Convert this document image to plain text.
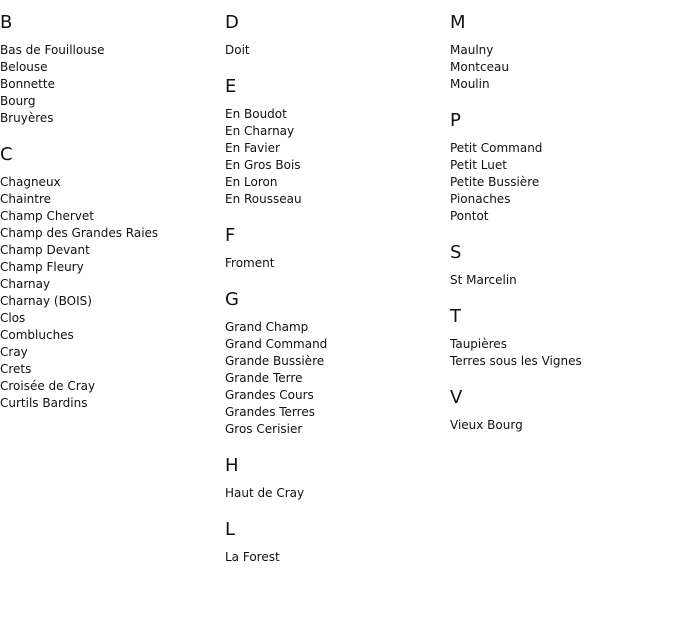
B
Bas de Fouillouse
Belouse
Bonnette
Bourg
Bruyères
C
Chagneux
Chaintre
Champ Chervet
Champ des Grandes Raies
Champ Devant
Champ Fleury
Charnay
Charnay (BOIS)
Clos
Combluches
Cray
Crets
Croisée de Cray
Curtils Bardins
D
Doit
E
En Boudot
En Charnay
En Favier
En Gros Bois
En Loron
En Rousseau
F
Froment
G
Grand Champ
Grand Command
Grande Bussière
Grande Terre
Grandes Cours
Grandes Terres
Gros Cerisier
H
Haut de Cray
L
La Forest
M
Maulny
Montceau
Moulin
P
Petit Command
Petit Luet
Petite Bussière
Pionaches
Pontot
S
St Marcelin
T
Taupières
Terres sous les Vignes
V
Vieux Bourg
